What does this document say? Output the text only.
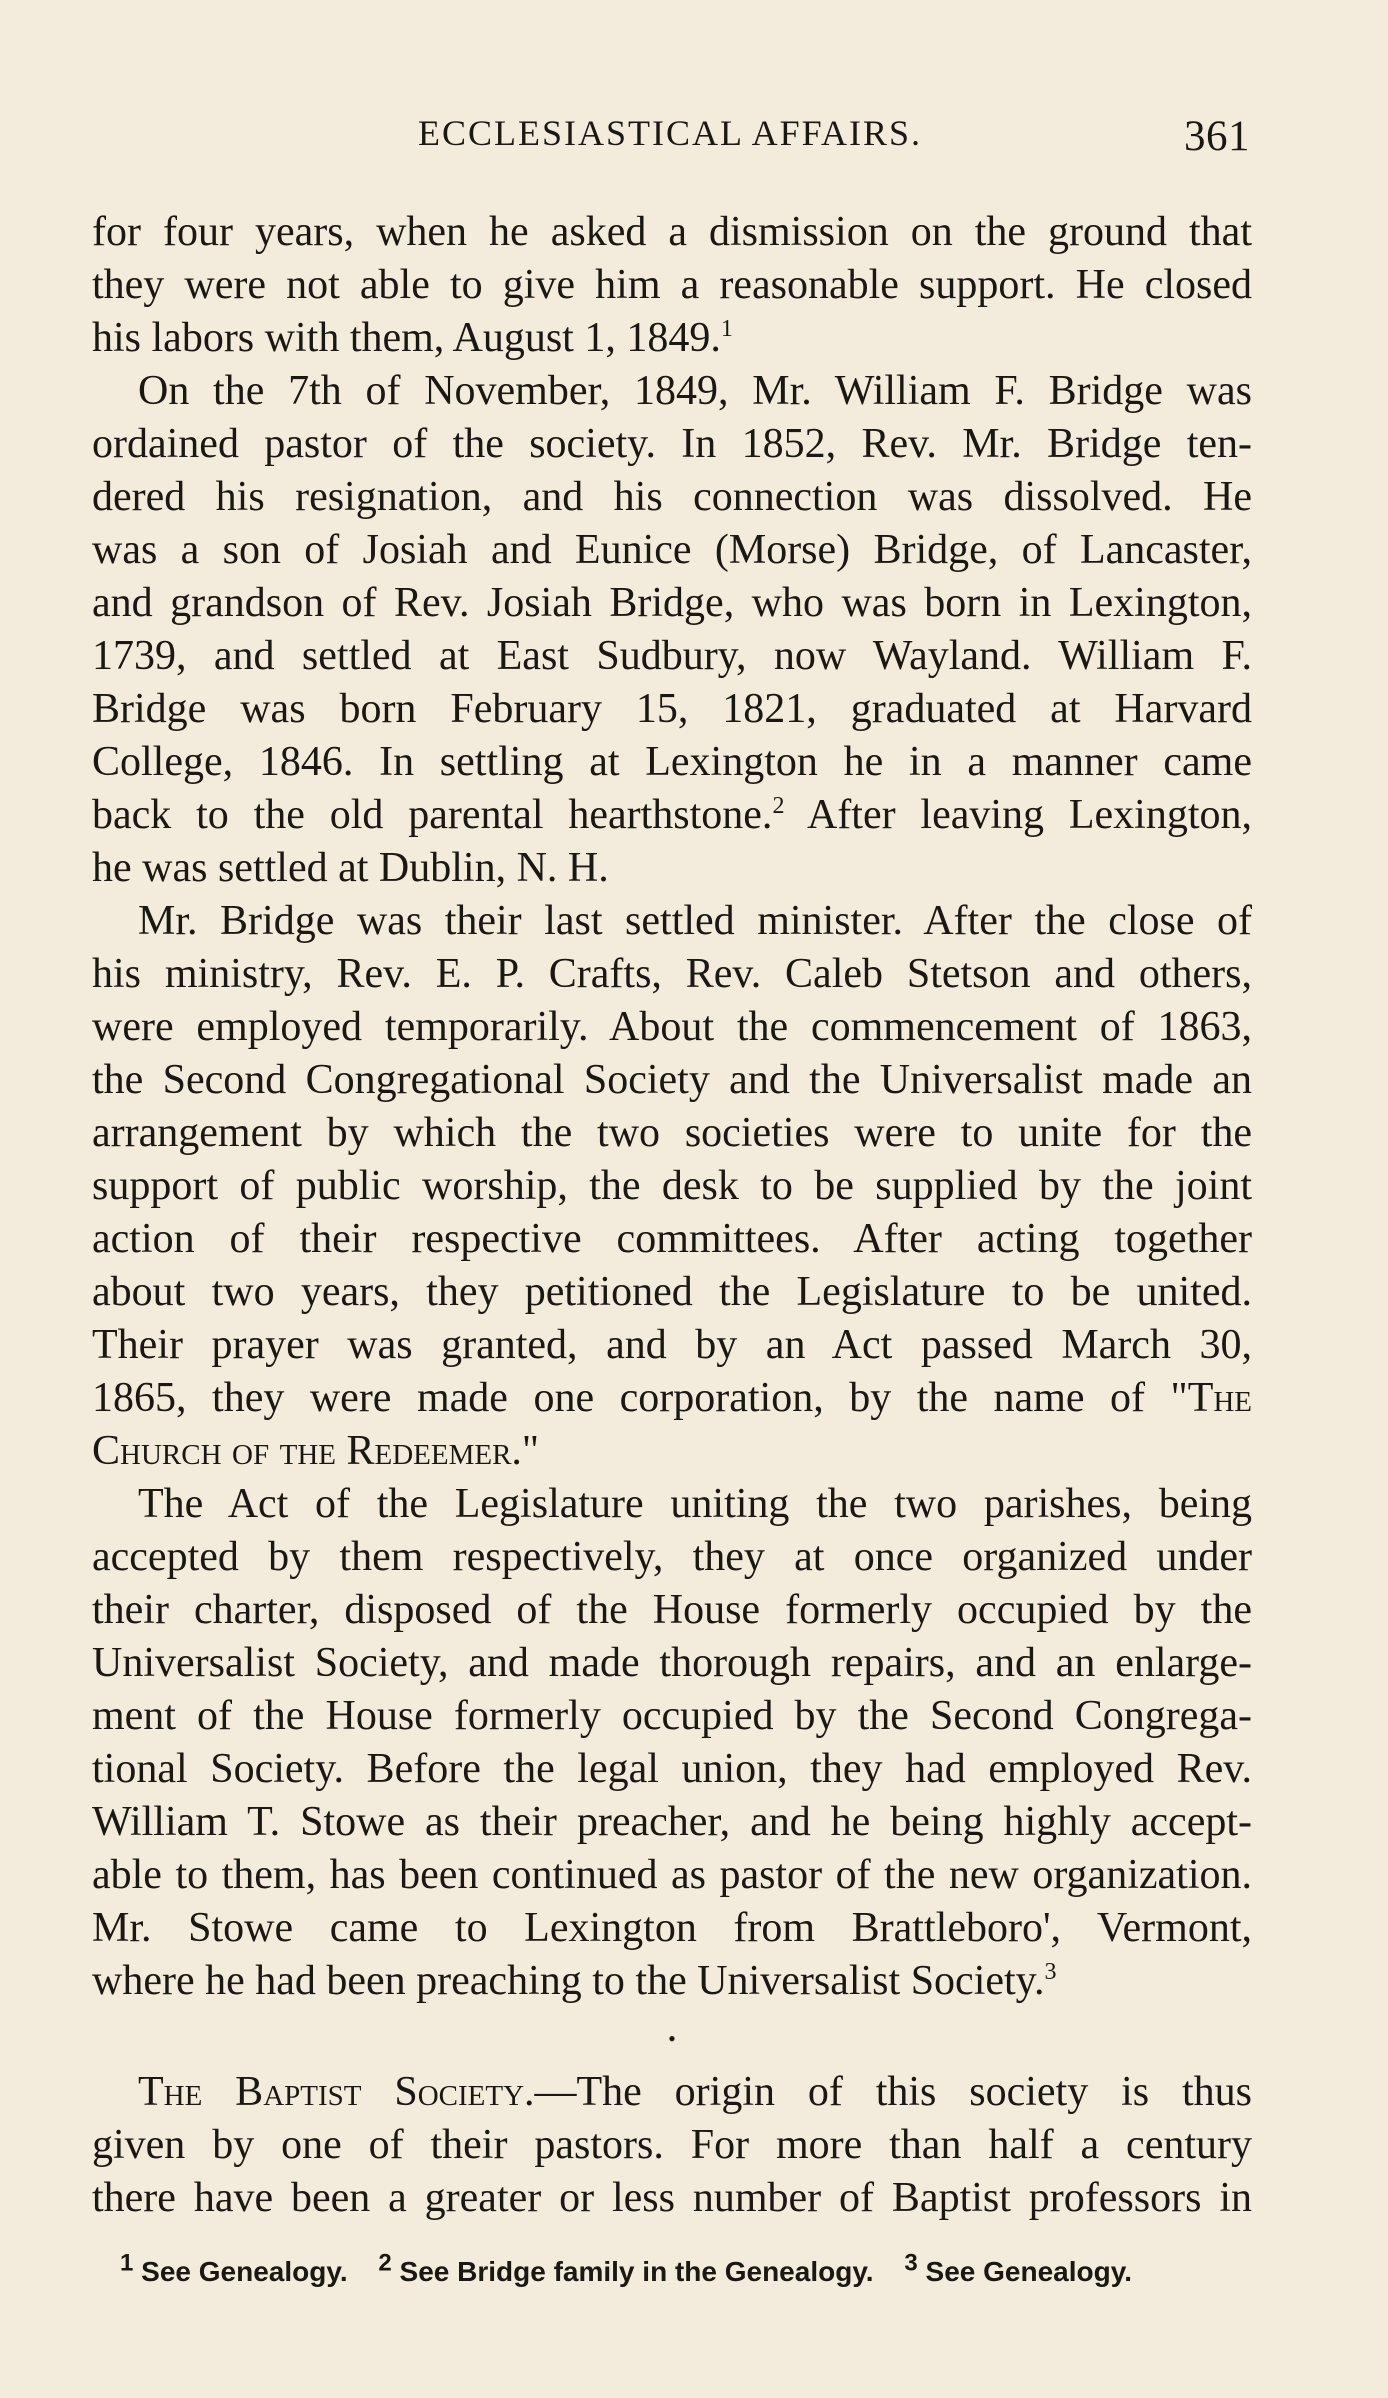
ECCLESIASTICAL AFFAIRS.	361
for four years, when he asked a dismission on the ground that
they were not able to give him a reasonable support. He closed
his labors with them, August 1, 1849.$^1$
On the 7th of November, 1849, Mr. William F. Bridge was
ordained pastor of the society. In 1852, Rev. Mr. Bridge ten-
dered his resignation, and his connection was dissolved. He
was a son of Josiah and Eunice (Morse) Bridge, of Lancaster,
and grandson of Rev. Josiah Bridge, who was born in Lexington,
1739, and settled at East Sudbury, now Wayland. William F.
Bridge was born February 15, 1821, graduated at Harvard
College, 1846. In settling at Lexington he in a manner came
back to the old parental hearthstone.$^2$ After leaving Lexington,
he was settled at Dublin, N. H.
Mr. Bridge was their last settled minister. After the close of
his ministry, Rev. E. P. Crafts, Rev. Caleb Stetson and others,
were employed temporarily. About the commencement of 1863,
the Second Congregational Society and the Universalist made an
arrangement by which the two societies were to unite for the
support of public worship, the desk to be supplied by the joint
action of their respective committees. After acting together
about two years, they petitioned the Legislature to be united.
Their prayer was granted, and by an Act passed March 30,
1865, they were made one corporation, by the name of "The
Church of the Redeemer."
The Act of the Legislature uniting the two parishes, being
accepted by them respectively, they at once organized under
their charter, disposed of the House formerly occupied by the
Universalist Society, and made thorough repairs, and an enlarge-
ment of the House formerly occupied by the Second Congrega-
tional Society. Before the legal union, they had employed Rev.
William T. Stowe as their preacher, and he being highly accept-
able to them, has been continued as pastor of the new organization.
Mr. Stowe came to Lexington from Brattleboro', Vermont,
where he had been preaching to the Universalist Society.$^3$
•
The Baptist Society.—The origin of this society is thus
given by one of their pastors. For more than half a century
there have been a greater or less number of Baptist professors in
$^1$ See Genealogy. $^2$ See Bridge family in the Genealogy. $^3$ See Genealogy.
